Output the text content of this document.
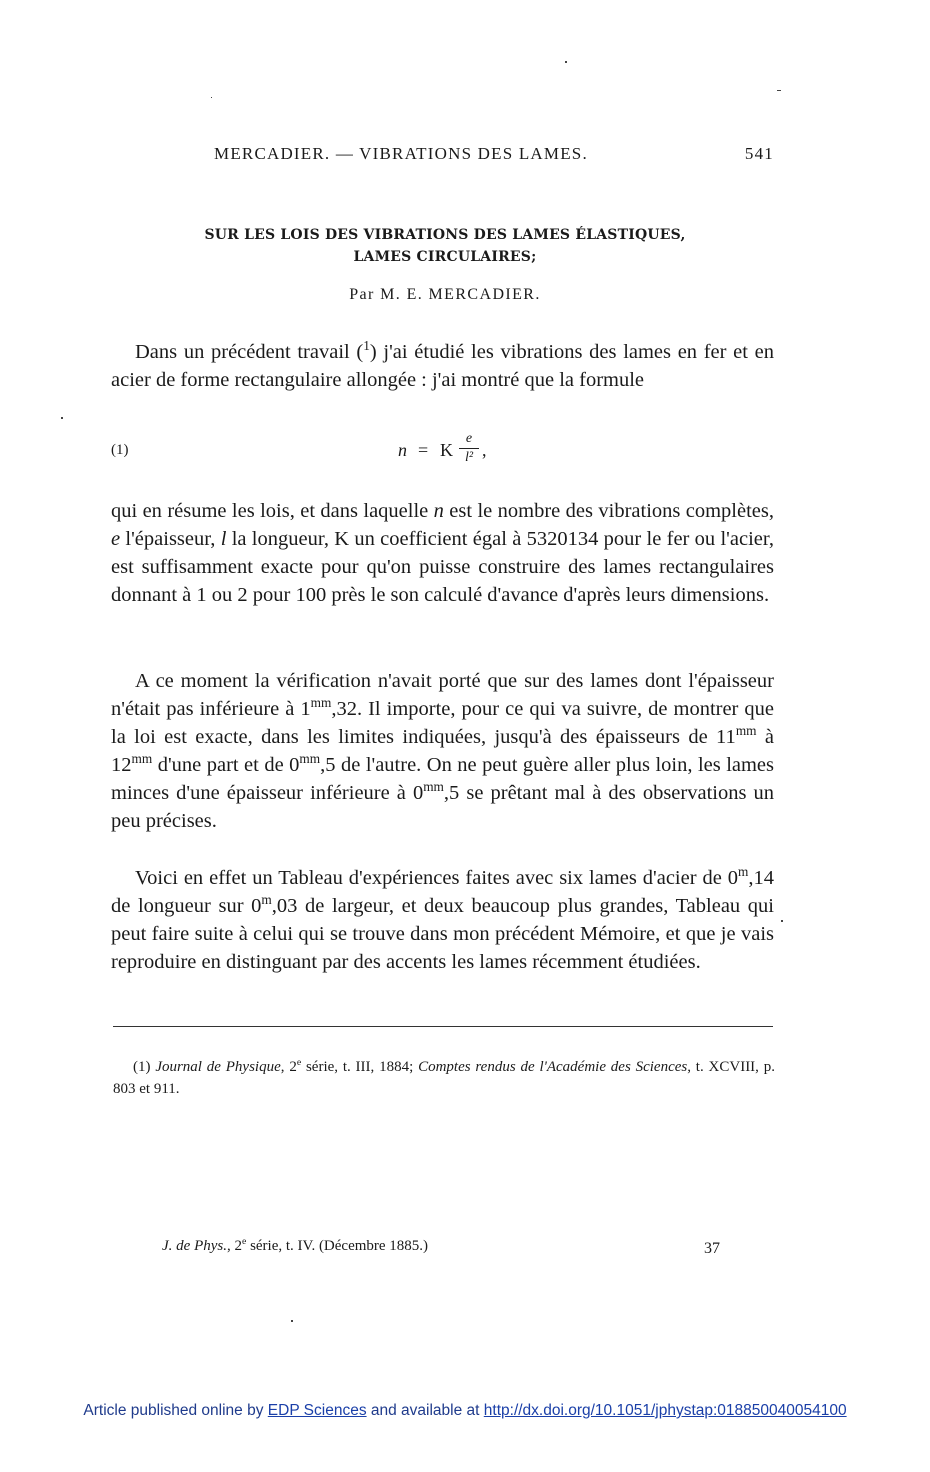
MERCADIER. — VIBRATIONS DES LAMES.	541
SUR LES LOIS DES VIBRATIONS DES LAMES ÉLASTIQUES,
LAMES CIRCULAIRES;
Par M. E. MERCADIER.

Dans un précédent travail ($^1$) j'ai étudié les vibrations des lames en fer et en acier de forme rectangulaire allongée : j'ai montré que la formule

(1)	n = K
e
l² ,

qui en résume les lois, et dans laquelle n est le nombre des vibrations complètes, e l'épaisseur, l la longueur, K un coefficient égal à 5320134 pour le fer ou l'acier, est suffisamment exacte pour qu'on puisse construire des lames rectangulaires donnant à 1 ou 2 pour 100 près le son calculé d'avance d'après leurs dimensions.

A ce moment la vérification n'avait porté que sur des lames dont l'épaisseur n'était pas inférieure à $1^{mm},32$. Il importe, pour ce qui va suivre, de montrer que la loi est exacte, dans les limites indiquées, jusqu'à des épaisseurs de $11^{mm}$ à $12^{mm}$ d'une part et de $0^{mm},5$ de l'autre. On ne peut guère aller plus loin, les lames minces d'une épaisseur inférieure à $0^{mm},5$ se prêtant mal à des observations un peu précises.

Voici en effet un Tableau d'expériences faites avec six lames d'acier de 0$^m$,14 de longueur sur 0$^m$,03 de largeur, et deux beaucoup plus grandes, Tableau qui peut faire suite à celui qui se trouve dans mon précédent Mémoire, et que je vais reproduire en distinguant par des accents les lames récemment étudiées.

(1) Journal de Physique, 2e série, t. III, 1884; Comptes rendus de l'Académie des Sciences, t. XCVIII, p. 803 et 911.

J. de Phys., 2e série, t. IV. (Décembre 1885.)	37
Article published online by EDP Sciences and available at http://dx.doi.org/10.1051/jphystap:018850040054100
